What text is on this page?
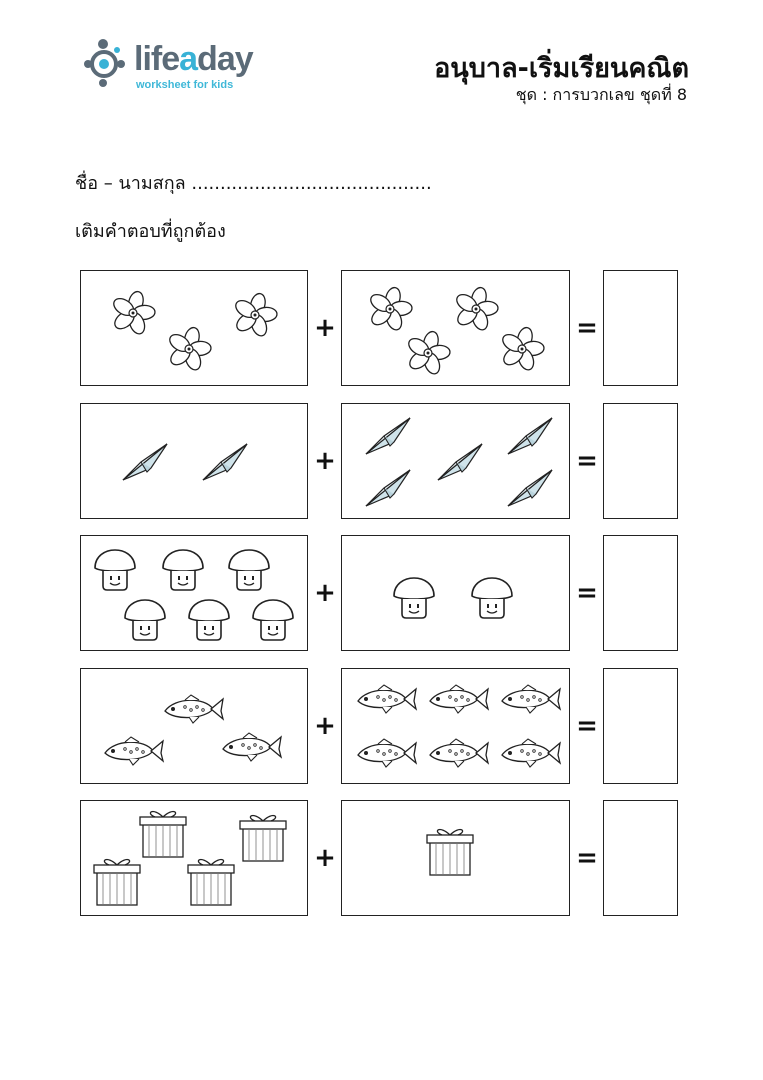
lifeaday
worksheet for kids
อนุบาล-เริ่มเรียนคณิต
ชุด : การบวกเลข ชุดที่ 8
ชื่อ – นามสกุล ..........................................
เติมคำตอบที่ถูกต้อง
+	=
+	=
+	=
+	=
+	=
